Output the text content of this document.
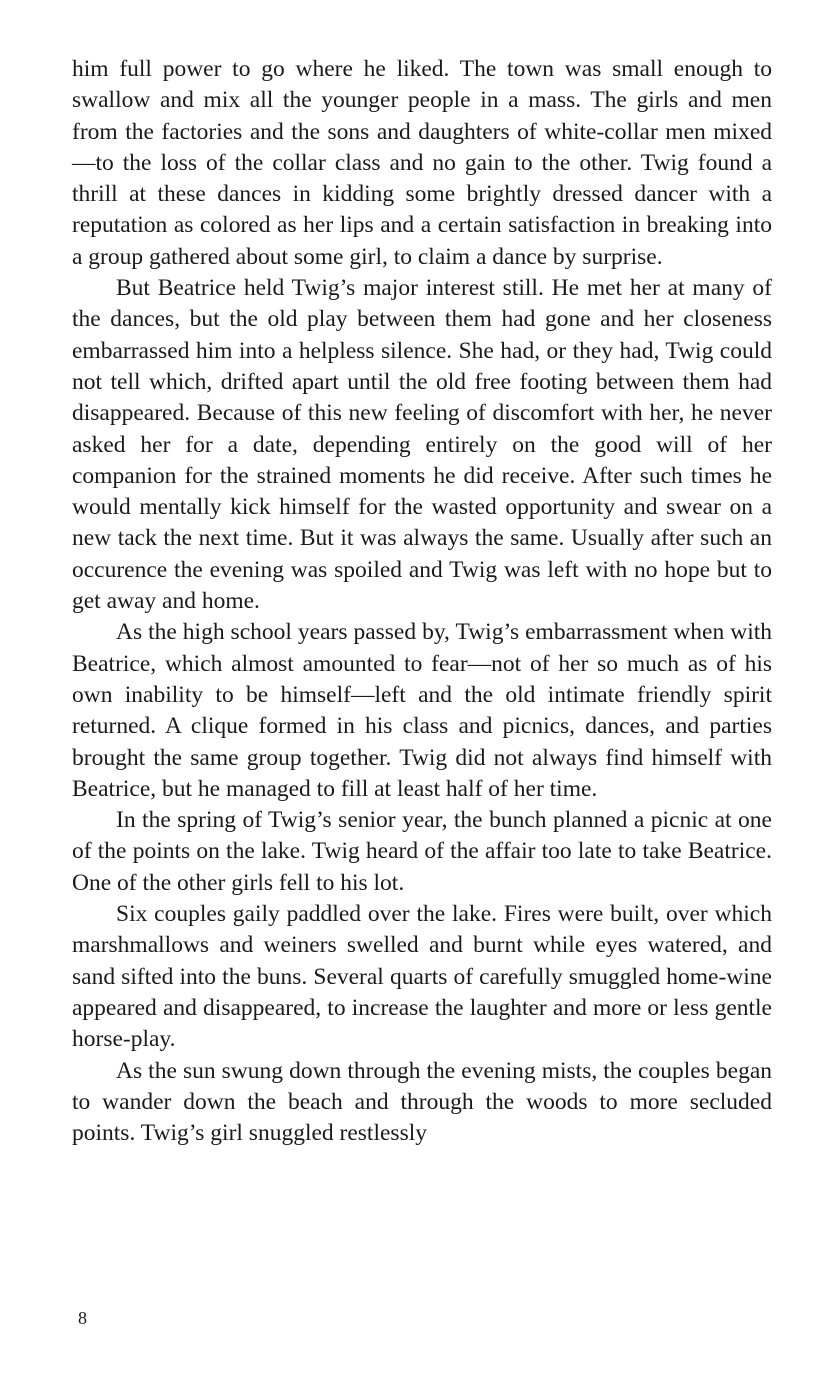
him full power to go where he liked. The town was small enough to swallow and mix all the younger people in a mass. The girls and men from the factories and the sons and daughters of white-collar men mixed—to the loss of the collar class and no gain to the other. Twig found a thrill at these dances in kidding some brightly dressed dancer with a reputation as colored as her lips and a certain satisfaction in breaking into a group gathered about some girl, to claim a dance by surprise.

But Beatrice held Twig’s major interest still. He met her at many of the dances, but the old play between them had gone and her closeness embarrassed him into a helpless silence. She had, or they had, Twig could not tell which, drifted apart until the old free footing between them had disappeared. Because of this new feeling of discomfort with her, he never asked her for a date, depending entirely on the good will of her companion for the strained moments he did receive. After such times he would mentally kick himself for the wasted opportunity and swear on a new tack the next time. But it was always the same. Usually after such an occurence the evening was spoiled and Twig was left with no hope but to get away and home.

As the high school years passed by, Twig’s embarrassment when with Beatrice, which almost amounted to fear—not of her so much as of his own inability to be himself—left and the old intimate friendly spirit returned. A clique formed in his class and picnics, dances, and parties brought the same group together. Twig did not always find himself with Beatrice, but he managed to fill at least half of her time.

In the spring of Twig’s senior year, the bunch planned a picnic at one of the points on the lake. Twig heard of the affair too late to take Beatrice. One of the other girls fell to his lot.

Six couples gaily paddled over the lake. Fires were built, over which marshmallows and weiners swelled and burnt while eyes watered, and sand sifted into the buns. Several quarts of carefully smuggled home-wine appeared and disappeared, to increase the laughter and more or less gentle horse-play.

As the sun swung down through the evening mists, the couples began to wander down the beach and through the woods to more secluded points. Twig’s girl snuggled restlessly

8
